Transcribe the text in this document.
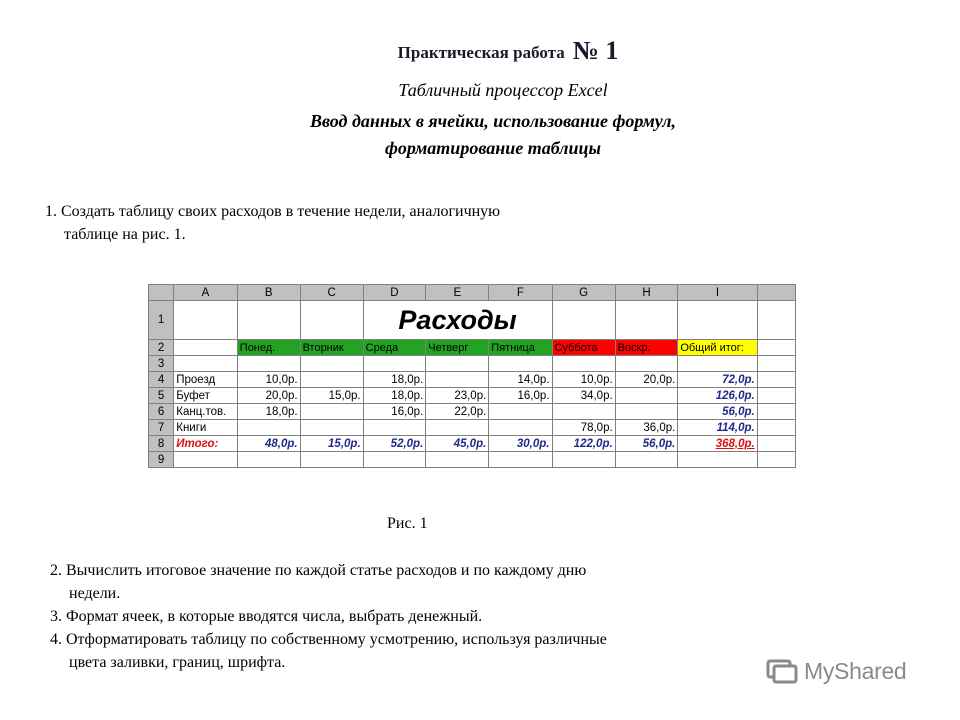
Практическая работа № 1
Табличный процессор Excel
Ввод данных в ячейки, использование формул, форматирование таблицы
1. Создать таблицу своих расходов в течение недели, аналогичную
таблице на рис. 1.
	A	B	C	D	E	F	G	H	I	
1				Расходы						
2		Понед.	Вторник	Среда	Четверг	Пятница	Суббота	Воскр.	Общий итог:	
3										
4	Проезд	10,0р.		18,0р.		14,0р.	10,0р.	20,0р.	72,0р.	
5	Буфет	20,0р.	15,0р.	18,0р.	23,0р.	16,0р.	34,0р.		126,0р.	
6	Канц.тов.	18,0р.		16,0р.	22,0р.				56,0р.	
7	Книги						78,0р.	36,0р.	114,0р.	
8	Итого:	48,0р.	15,0р.	52,0р.	45,0р.	30,0р.	122,0р.	56,0р.	368,0р.	
9										
Рис. 1
2. Вычислить итоговое значение по каждой статье расходов и по каждому дню
недели.
3. Формат ячеек, в которые вводятся числа, выбрать денежный.
4. Отформатировать таблицу по собственному усмотрению, используя различные
цвета заливки, границ, шрифта.	MyShared
